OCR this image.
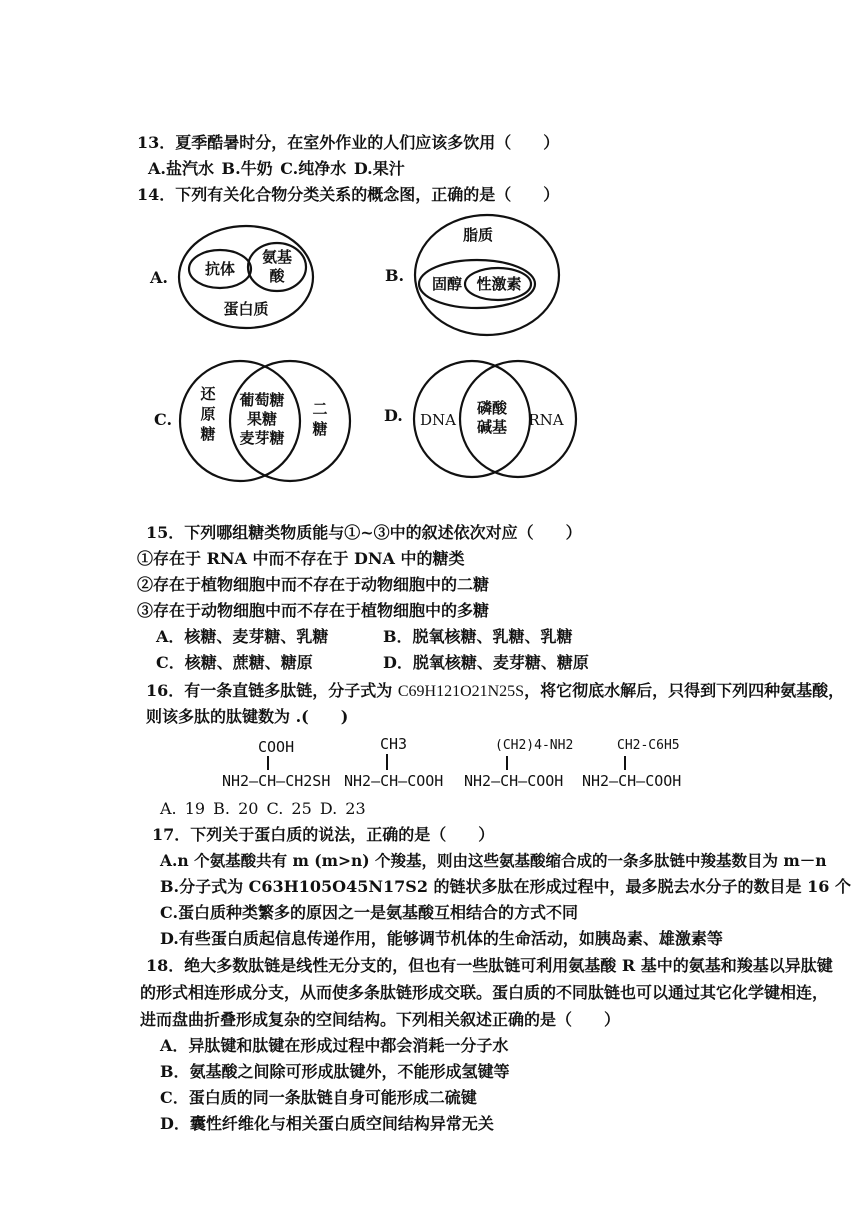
13．夏季酷暑时分，在室外作业的人们应该多饮用（　　）
A.盐汽水 B.牛奶 C.纯净水 D.果汁
14．下列有关化合物分类关系的概念图，正确的是（　　）
A.	抗体
氨基
酸
蛋白质
B.
脂质
固醇 性激素
C.
还
原
糖
葡萄糖
果糖
麦芽糖
二
糖
D. DNA
磷酸
碱基	RNA
15．下列哪组糖类物质能与①~③中的叙述依次对应（　　）
①存在于 RNA 中而不存在于 DNA 中的糖类
②存在于植物细胞中而不存在于动物细胞中的二糖
③存在于动物细胞中而不存在于植物细胞中的多糖
A．核糖、麦芽糖、乳糖	B．脱氧核糖、乳糖、乳糖
C．核糖、蔗糖、糖原	D．脱氧核糖、麦芽糖、糖原
16．有一条直链多肽链，分子式为 C69H121O21N25S，将它彻底水解后，只得到下列四种氨基酸，
则该多肽的肽键数为 .(　　)
COOH
NH2–CH–CH2SH
CH3
NH2–CH–COOH
(CH2)4-NH2
NH2–CH–COOH
CH2-C6H5
NH2–CH–COOH
A. 19 B. 20 C. 25 D. 23
17．下列关于蛋白质的说法，正确的是（　　）
A.n 个氨基酸共有 m (m>n) 个羧基，则由这些氨基酸缩合成的一条多肽链中羧基数目为 m－n
B.分子式为 C63H105O45N17S2 的链状多肽在形成过程中，最多脱去水分子的数目是 16 个
C.蛋白质种类繁多的原因之一是氨基酸互相结合的方式不同
D.有些蛋白质起信息传递作用，能够调节机体的生命活动，如胰岛素、雄激素等
18．绝大多数肽链是线性无分支的，但也有一些肽链可利用氨基酸 R 基中的氨基和羧基以异肽键
的形式相连形成分支，从而使多条肽链形成交联。蛋白质的不同肽链也可以通过其它化学键相连，
进而盘曲折叠形成复杂的空间结构。下列相关叙述正确的是（　　）
A．异肽键和肽键在形成过程中都会消耗一分子水
B．氨基酸之间除可形成肽键外，不能形成氢键等
C．蛋白质的同一条肽链自身可能形成二硫键
D．囊性纤维化与相关蛋白质空间结构异常无关
